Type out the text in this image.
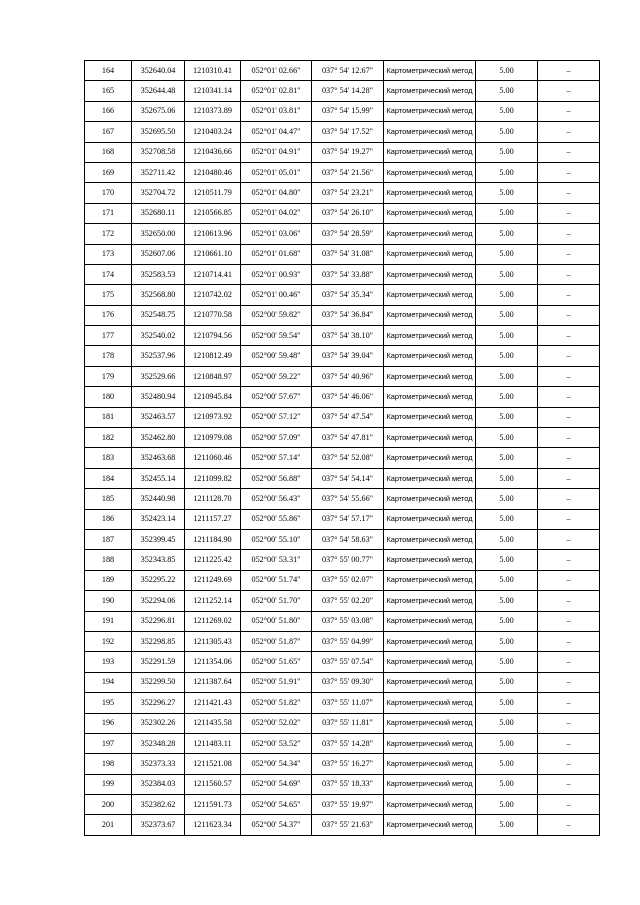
164	352640.04	1210310.41	052°01' 02.66"	037° 54' 12.67"	Картометрический метод	5.00	–
165	352644.48	1210341.14	052°01' 02.81"	037° 54' 14.28"	Картометрический метод	5.00	–
166	352675.06	1210373.89	052°01' 03.81"	037° 54' 15.99"	Картометрический метод	5.00	–
167	352695.50	1210403.24	052°01' 04.47"	037° 54' 17.52"	Картометрический метод	5.00	–
168	352708.58	1210436.66	052°01' 04.91"	037° 54' 19.27"	Картометрический метод	5.00	–
169	352711.42	1210480.46	052°01' 05.01"	037° 54' 21.56"	Картометрический метод	5.00	–
170	352704.72	1210511.79	052°01' 04.80"	037° 54' 23.21"	Картометрический метод	5.00	–
171	352680.11	1210566.85	052°01' 04.02"	037° 54' 26.10"	Картометрический метод	5.00	–
172	352650.00	1210613.96	052°01' 03.06"	037° 54' 28.59"	Картометрический метод	5.00	–
173	352607.06	1210661.10	052°01' 01.68"	037° 54' 31.08"	Картометрический метод	5.00	–
174	352583.53	1210714.41	052°01' 00.93"	037° 54' 33.88"	Картометрический метод	5.00	–
175	352568.80	1210742.02	052°01' 00.46"	037° 54' 35.34"	Картометрический метод	5.00	–
176	352548.75	1210770.58	052°00' 59.82"	037° 54' 36.84"	Картометрический метод	5.00	–
177	352540.02	1210794.56	052°00' 59.54"	037° 54' 38.10"	Картометрический метод	5.00	–
178	352537.96	1210812.49	052°00' 59.48"	037° 54' 39.04"	Картометрический метод	5.00	–
179	352529.66	1210848.97	052°00' 59.22"	037° 54' 40.96"	Картометрический метод	5.00	–
180	352480.94	1210945.84	052°00' 57.67"	037° 54' 46.06"	Картометрический метод	5.00	–
181	352463.57	1210973.92	052°00' 57.12"	037° 54' 47.54"	Картометрический метод	5.00	–
182	352462.80	1210979.08	052°00' 57.09"	037° 54' 47.81"	Картометрический метод	5.00	–
183	352463.68	1211060.46	052°00' 57.14"	037° 54' 52.08"	Картометрический метод	5.00	–
184	352455.14	1211099.82	052°00' 56.88"	037° 54' 54.14"	Картометрический метод	5.00	–
185	352440.98	1211128.70	052°00' 56.43"	037° 54' 55.66"	Картометрический метод	5.00	–
186	352423.14	1211157.27	052°00' 55.86"	037° 54' 57.17"	Картометрический метод	5.00	–
187	352399.45	1211184.90	052°00' 55.10"	037° 54' 58.63"	Картометрический метод	5.00	–
188	352343.85	1211225.42	052°00' 53.31"	037° 55' 00.77"	Картометрический метод	5.00	–
189	352295.22	1211249.69	052°00' 51.74"	037° 55' 02.07"	Картометрический метод	5.00	–
190	352294.06	1211252.14	052°00' 51.70"	037° 55' 02.20"	Картометрический метод	5.00	–
191	352296.81	1211269.02	052°00' 51.80"	037° 55' 03.08"	Картометрический метод	5.00	–
192	352298.85	1211305.43	052°00' 51.87"	037° 55' 04.99"	Картометрический метод	5.00	–
193	352291.59	1211354.06	052°00' 51.65"	037° 55' 07.54"	Картометрический метод	5.00	–
194	352299.50	1211387.64	052°00' 51.91"	037° 55' 09.30"	Картометрический метод	5.00	–
195	352296.27	1211421.43	052°00' 51.82"	037° 55' 11.07"	Картометрический метод	5.00	–
196	352302.26	1211435.58	052°00' 52.02"	037° 55' 11.81"	Картометрический метод	5.00	–
197	352348.28	1211483.11	052°00' 53.52"	037° 55' 14.28"	Картометрический метод	5.00	–
198	352373.33	1211521.08	052°00' 54.34"	037° 55' 16.27"	Картометрический метод	5.00	–
199	352384.03	1211560.57	052°00' 54.69"	037° 55' 18.33"	Картометрический метод	5.00	–
200	352382.62	1211591.73	052°00' 54.65"	037° 55' 19.97"	Картометрический метод	5.00	–
201	352373.67	1211623.34	052°00' 54.37"	037° 55' 21.63"	Картометрический метод	5.00	–
